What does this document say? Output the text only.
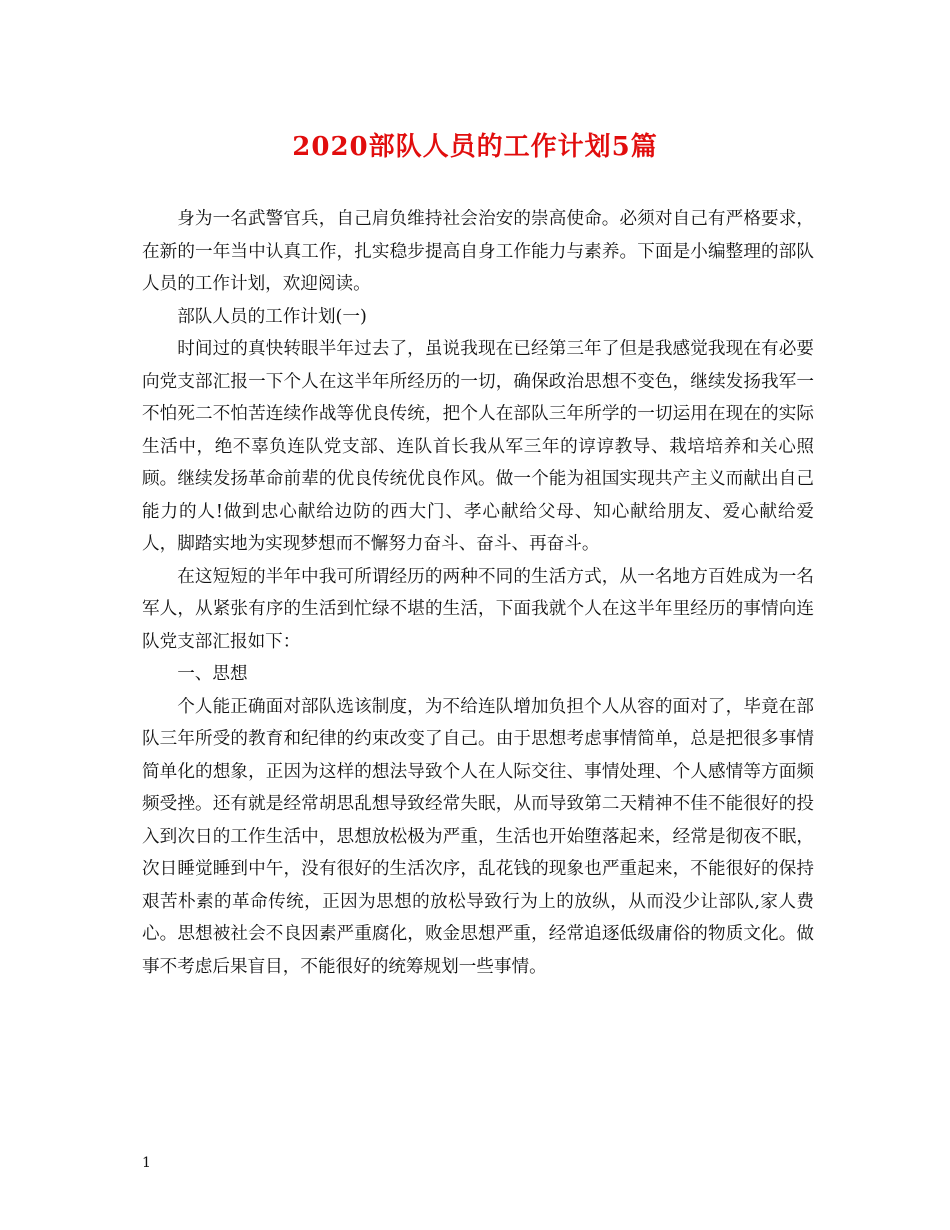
2020部队人员的工作计划5篇

身为一名武警官兵，自己肩负维持社会治安的崇高使命。必须对自己有严格要求，在新的一年当中认真工作，扎实稳步提高自身工作能力与素养。下面是小编整理的部队人员的工作计划，欢迎阅读。

部队人员的工作计划(一)

时间过的真快转眼半年过去了，虽说我现在已经第三年了但是我感觉我现在有必要向党支部汇报一下个人在这半年所经历的一切，确保政治思想不变色，继续发扬我军一不怕死二不怕苦连续作战等优良传统，把个人在部队三年所学的一切运用在现在的实际生活中，绝不辜负连队党支部、连队首长我从军三年的谆谆教导、栽培培养和关心照顾。继续发扬革命前辈的优良传统优良作风。做一个能为祖国实现共产主义而献出自己能力的人!做到忠心献给边防的西大门、孝心献给父母、知心献给朋友、爱心献给爱人，脚踏实地为实现梦想而不懈努力奋斗、奋斗、再奋斗。

在这短短的半年中我可所谓经历的两种不同的生活方式，从一名地方百姓成为一名军人，从紧张有序的生活到忙绿不堪的生活，下面我就个人在这半年里经历的事情向连队党支部汇报如下：

一、思想

个人能正确面对部队选该制度，为不给连队增加负担个人从容的面对了，毕竟在部队三年所受的教育和纪律的约束改变了自己。由于思想考虑事情简单，总是把很多事情简单化的想象，正因为这样的想法导致个人在人际交往、事情处理、个人感情等方面频频受挫。还有就是经常胡思乱想导致经常失眠，从而导致第二天精神不佳不能很好的投入到次日的工作生活中，思想放松极为严重，生活也开始堕落起来，经常是彻夜不眠，次日睡觉睡到中午，没有很好的生活次序，乱花钱的现象也严重起来，不能很好的保持艰苦朴素的革命传统，正因为思想的放松导致行为上的放纵，从而没少让部队,家人费心。思想被社会不良因素严重腐化，败金思想严重，经常追逐低级庸俗的物质文化。做事不考虑后果盲目，不能很好的统筹规划一些事情。

1
